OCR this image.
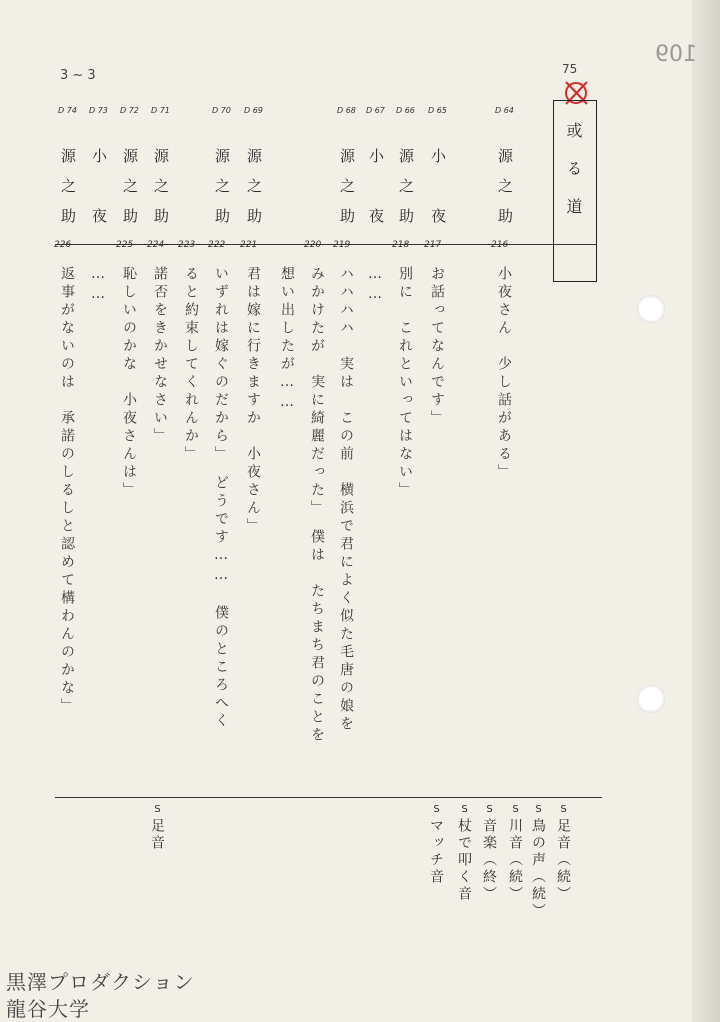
3 ~ 3
109
75
或る道
D 64
源之助
D 65
小　夜
D 66
源之助
D 67
小　夜
D 68
源之助
D 69
源之助
D 70
源之助
D 71
源之助
D 72
源之助
D 73
小　夜
D 74
源之助
216
小夜さん　少し話がある」
217
お話ってなんです」
218
別に　これといってはない」
……
219
ハハハハ　実は　この前　横浜で君によく似た毛唐の娘を
220
みかけたが　実に綺麗だった」　僕は　たちまち君のことを
想い出したが……
221
君は嫁に行きますか　小夜さん」
222
いずれは嫁ぐのだから」　どうです……　僕のところへく
223
ると約束してくれんか」
224
諾否をきかせなさい」
225
恥しいのかな　小夜さんは」
……
226
返事がないのは　承諾のしるしと認めて構わんのかな」
S足音（続）
S鳥の声（続）
S川音（続）
S音楽（終）
S杖で叩く音
Sマッチ音
S足音
黒澤プロダクション
龍谷大学
